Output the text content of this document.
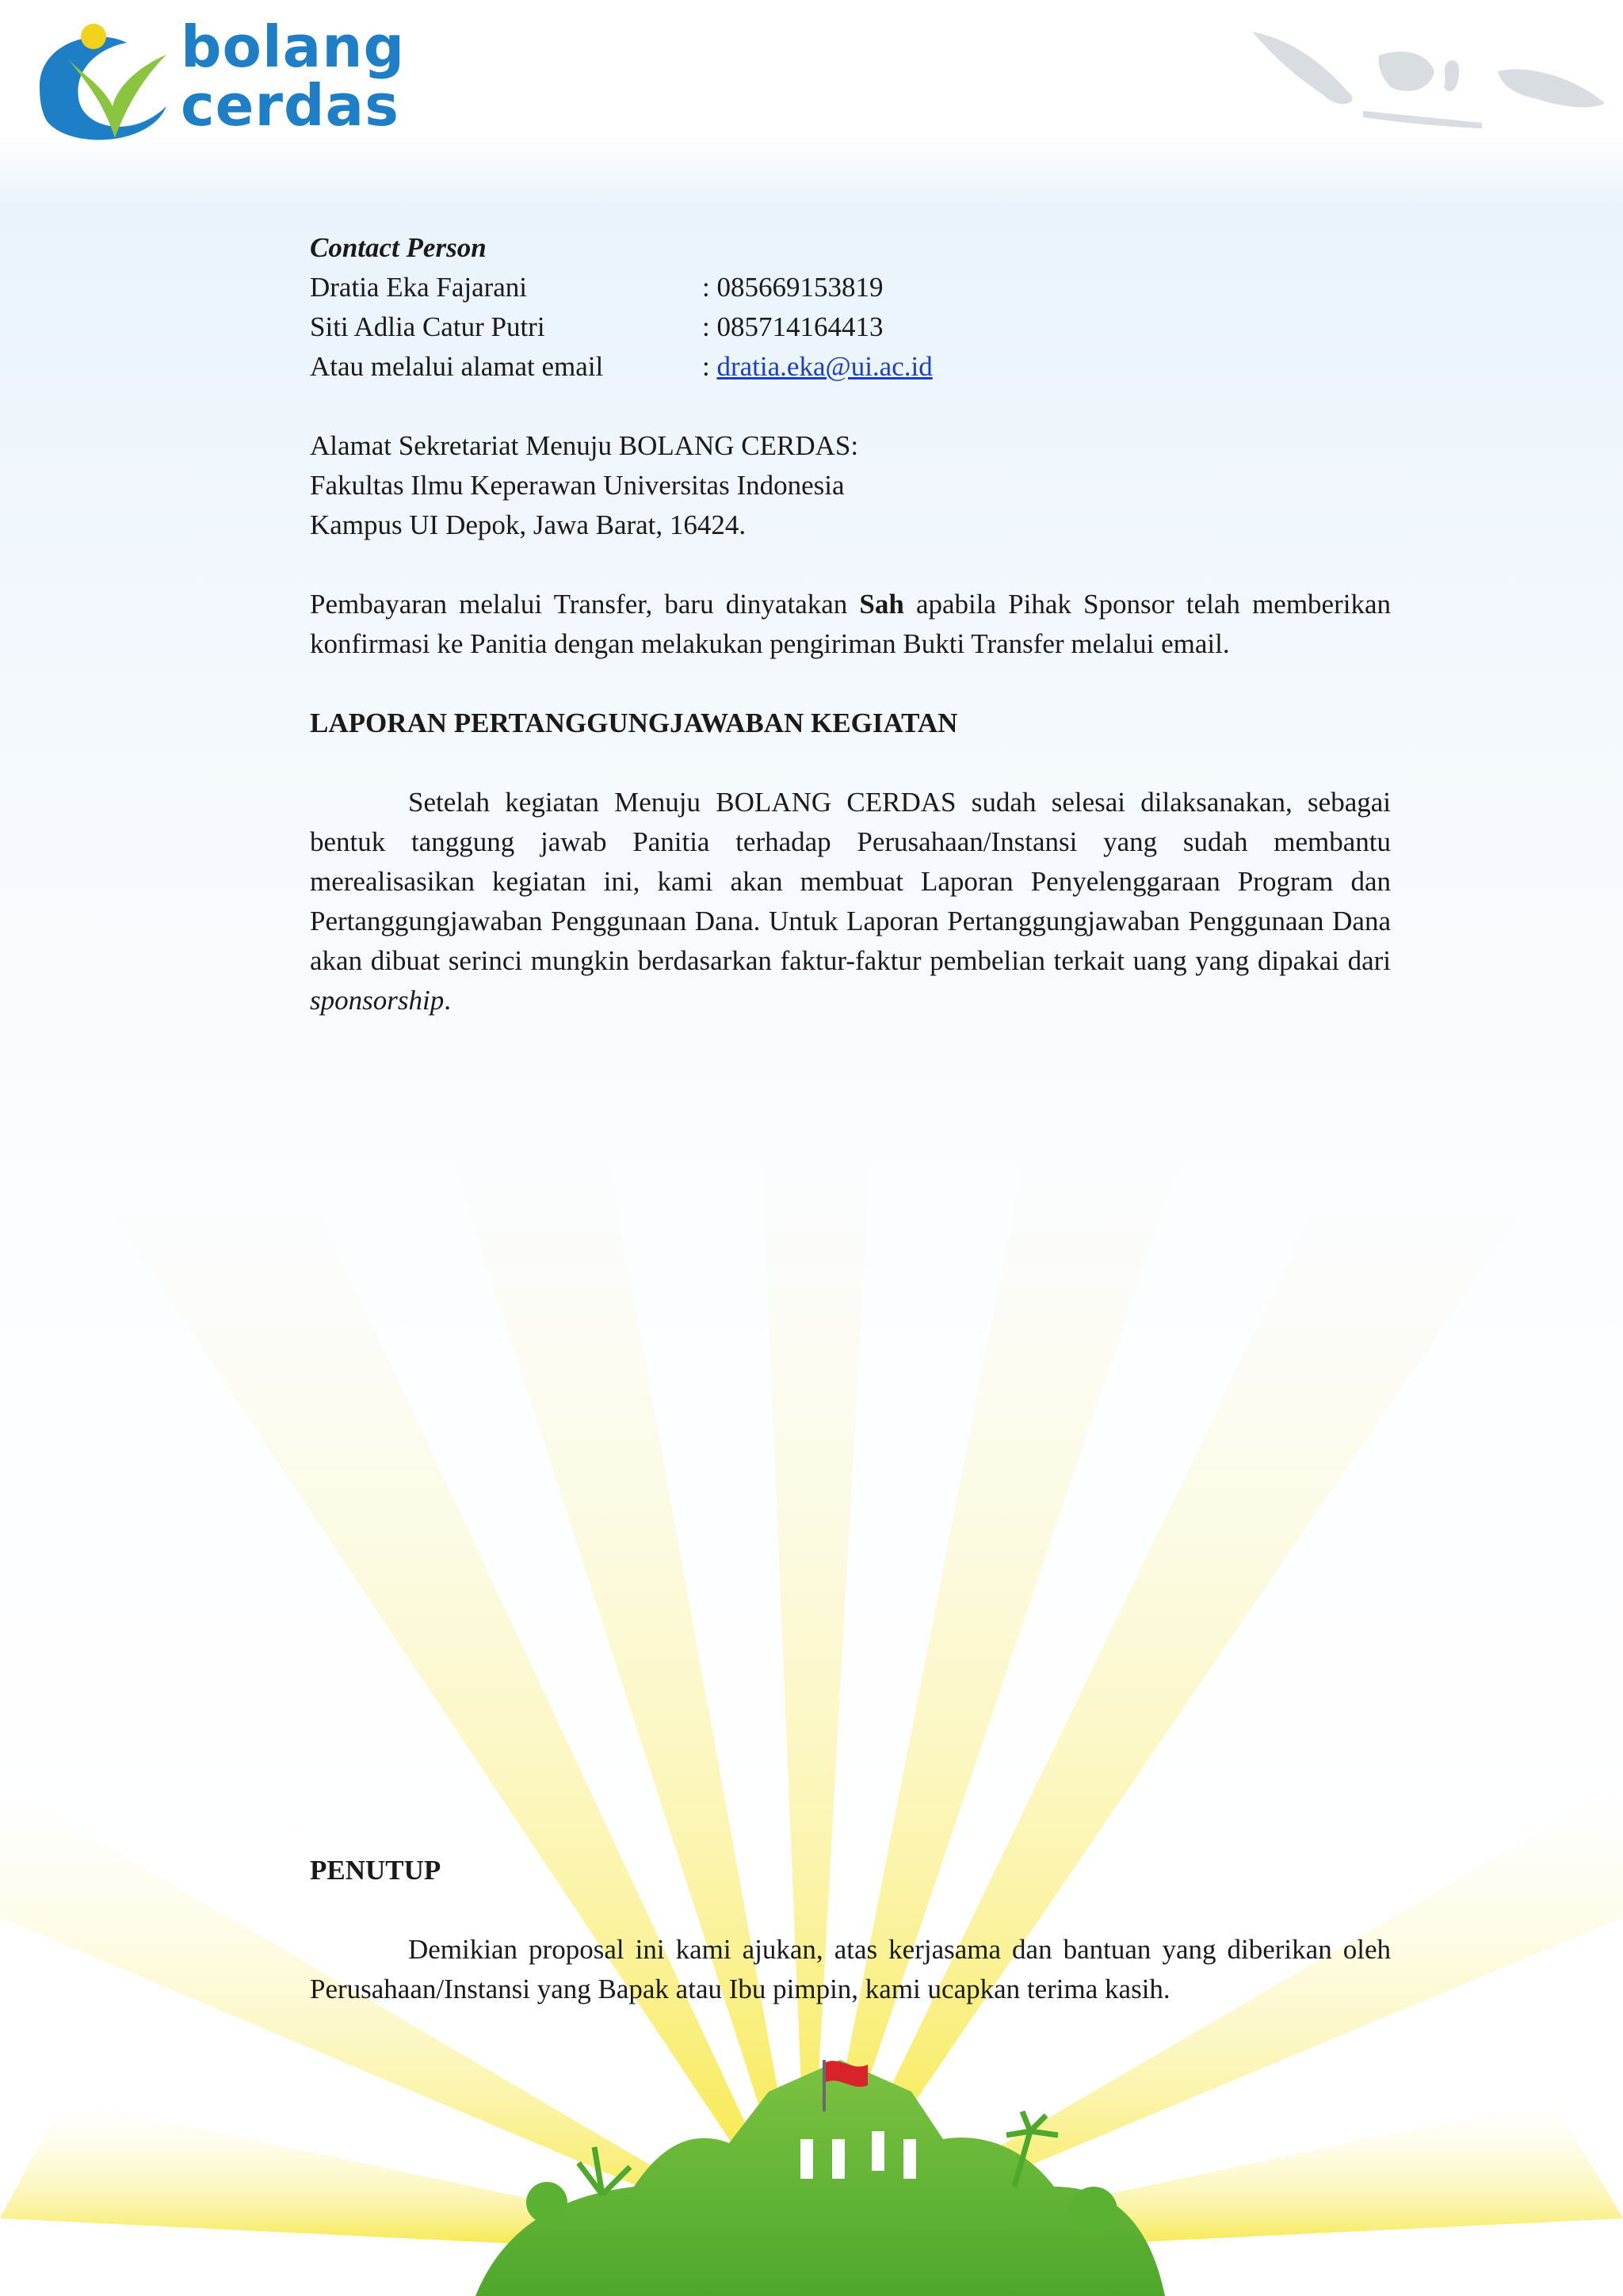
bolang
cerdas

Contact Person

Dratia Eka Fajarani	: 085669153819
Siti Adlia Catur Putri	: 085714164413
Atau melalui alamat email	: dratia.eka@ui.ac.id
Alamat Sekretariat Menuju BOLANG CERDAS:
Fakultas Ilmu Keperawan Universitas Indonesia
Kampus UI Depok, Jawa Barat, 16424.

Pembayaran melalui Transfer, baru dinyatakan Sah apabila Pihak Sponsor telah memberikan konfirmasi ke Panitia dengan melakukan pengiriman Bukti Transfer melalui email.

LAPORAN PERTANGGUNGJAWABAN KEGIATAN

Setelah kegiatan Menuju BOLANG CERDAS sudah selesai dilaksanakan, sebagai bentuk tanggung jawab Panitia terhadap Perusahaan/Instansi yang sudah membantu merealisasikan kegiatan ini, kami akan membuat Laporan Penyelenggaraan Program dan Pertanggungjawaban Penggunaan Dana. Untuk Laporan Pertanggungjawaban Penggunaan Dana akan dibuat serinci mungkin berdasarkan faktur-faktur pembelian terkait uang yang dipakai dari sponsorship.

PENUTUP

Demikian proposal ini kami ajukan, atas kerjasama dan bantuan yang diberikan oleh Perusahaan/Instansi yang Bapak atau Ibu pimpin, kami ucapkan terima kasih.
